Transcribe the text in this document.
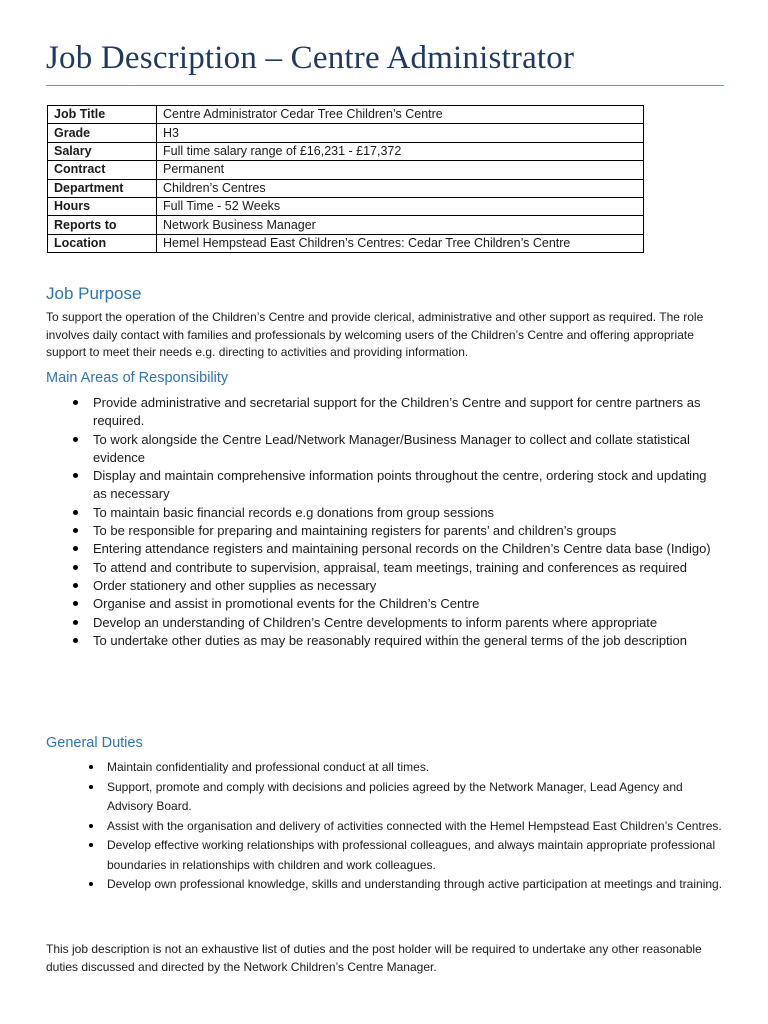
Job Description – Centre Administrator
Job Title	Centre Administrator Cedar Tree Children’s Centre
Grade	H3
Salary	Full time salary range of £16,231 - £17,372
Contract	Permanent
Department	Children’s Centres
Hours	Full Time - 52 Weeks
Reports to	Network Business Manager
Location	Hemel Hempstead East Children’s Centres: Cedar Tree Children’s Centre
Job Purpose

To support the operation of the Children’s Centre and provide clerical, administrative and other support as required. The role involves daily contact with families and professionals by welcoming users of the Children’s Centre and offering appropriate support to meet their needs e.g. directing to activities and providing information.

Main Areas of Responsibility
Provide administrative and secretarial support for the Children’s Centre and support for centre partners as required.
To work alongside the Centre Lead/Network Manager/Business Manager to collect and collate statistical evidence
Display and maintain comprehensive information points throughout the centre, ordering stock and updating as necessary
To maintain basic financial records e.g donations from group sessions
To be responsible for preparing and maintaining registers for parents’ and children’s groups
Entering attendance registers and maintaining personal records on the Children’s Centre data base (Indigo)
To attend and contribute to supervision, appraisal, team meetings, training and conferences as required
Order stationery and other supplies as necessary
Organise and assist in promotional events for the Children’s Centre
Develop an understanding of Children’s Centre developments to inform parents where appropriate
To undertake other duties as may be reasonably required within the general terms of the job description
General Duties
Maintain confidentiality and professional conduct at all times.
Support, promote and comply with decisions and policies agreed by the Network Manager, Lead Agency and Advisory Board.
Assist with the organisation and delivery of activities connected with the Hemel Hempstead East Children’s Centres.
Develop effective working relationships with professional colleagues, and always maintain appropriate professional boundaries in relationships with children and work colleagues.
Develop own professional knowledge, skills and understanding through active participation at meetings and training.

This job description is not an exhaustive list of duties and the post holder will be required to undertake any other reasonable duties discussed and directed by the Network Children’s Centre Manager.
